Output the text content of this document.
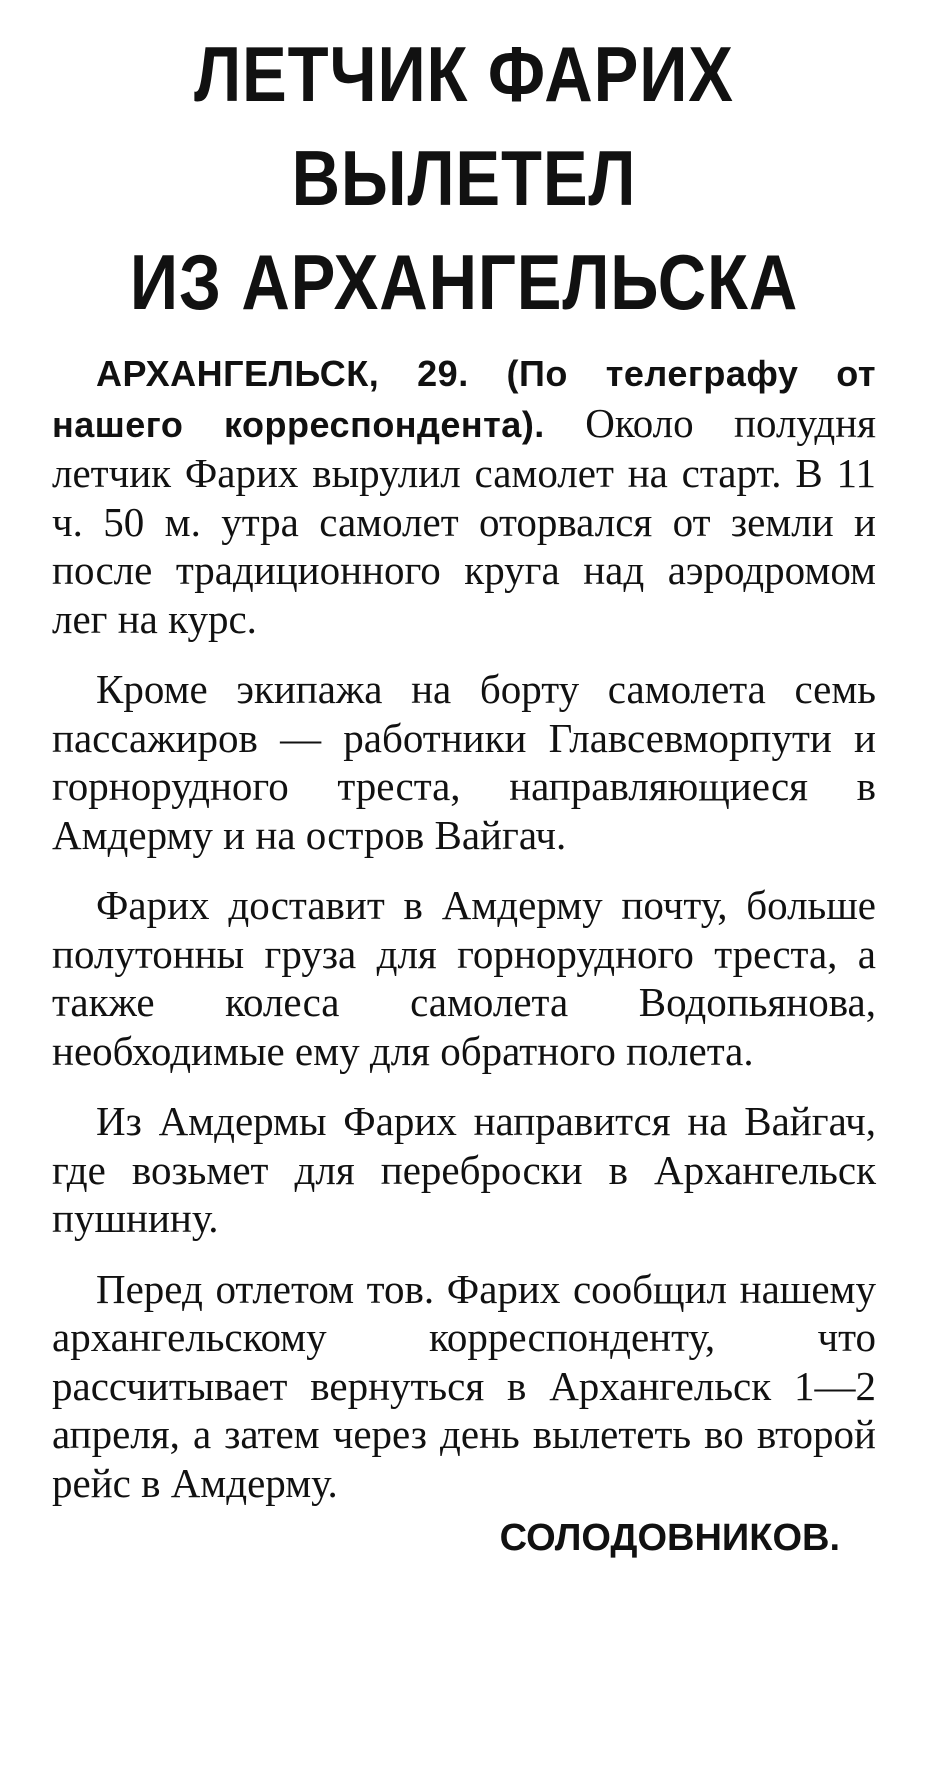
ЛЕТЧИК ФАРИХ
ВЫЛЕТЕЛ
ИЗ АРХАНГЕЛЬСКА

АРХАНГЕЛЬСК, 29. (По телеграфу от нашего корреспондента). Около полудня летчик Фарих вырулил самолет на старт. В 11 ч. 50 м. утра самолет оторвался от земли и после традиционного круга над аэродромом лег на курс.

Кроме экипажа на борту самолета семь пассажиров — работники Главсевморпути и горнорудного треста, направляющиеся в Амдерму и на остров Вайгач.

Фарих доставит в Амдерму почту, больше полутонны груза для горнорудного треста, а также колеса самолета Водопьянова, необходимые ему для обратного полета.

Из Амдермы Фарих направится на Вайгач, где возьмет для переброски в Архангельск пушнину.

Перед отлетом тов. Фарих сообщил нашему архангельскому корреспонденту, что рассчитывает вернуться в Архангельск 1—2 апреля, а затем через день вылететь во второй рейс в Амдерму.

СОЛОДОВНИКОВ.
